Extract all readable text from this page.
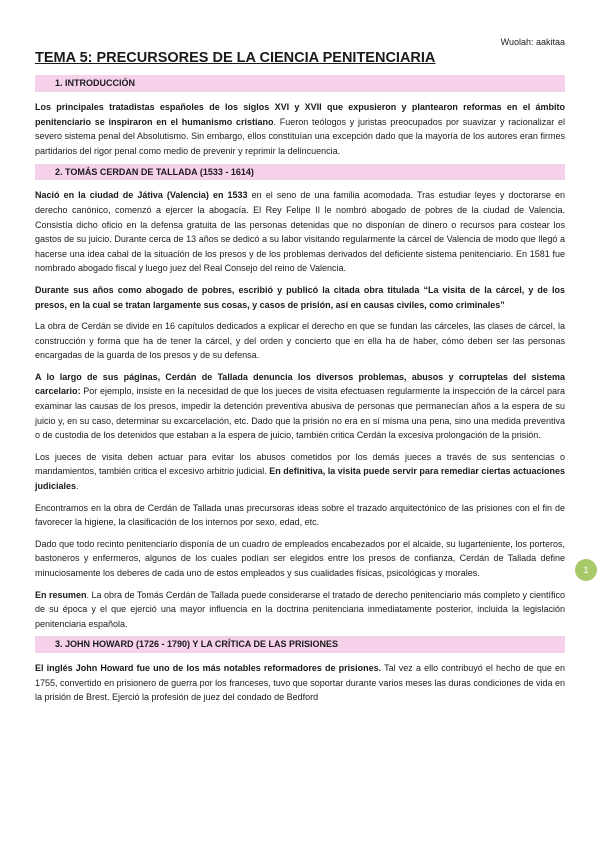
Wuolah: aakitaa
TEMA 5: PRECURSORES DE LA CIENCIA PENITENCIARIA
1. INTRODUCCIÓN

Los principales tratadistas españoles de los siglos XVI y XVII que expusieron y plantearon reformas en el ámbito penitenciario se inspiraron en el humanismo cristiano. Fueron teólogos y juristas preocupados por suavizar y racionalizar el severo sistema penal del Absolutismo. Sin embargo, ellos constituían una excepción dado que la mayoría de los autores eran firmes partidarios del rigor penal como medio de prevenir y reprimir la delincuencia.

2. TOMÁS CERDAN DE TALLADA (1533 - 1614)

Nació en la ciudad de Játiva (Valencia) en 1533 en el seno de una familia acomodada. Tras estudiar leyes y doctorarse en derecho canónico, comenzó a ejercer la abogacía. El Rey Felipe II le nombró abogado de pobres de la ciudad de Valencia. Consistía dicho oficio en la defensa gratuita de las personas detenidas que no disponían de dinero o recursos para costear los gastos de su juicio. Durante cerca de 13 años se dedicó a su labor visitando regularmente la cárcel de Valencia de modo que llegó a hacerse una idea cabal de la situación de los presos y de los problemas derivados del deficiente sistema penitenciario. En 1581 fue nombrado abogado fiscal y luego juez del Real Consejo del reino de Valencia.

Durante sus años como abogado de pobres, escribió y publicó la citada obra titulada “La visita de la cárcel, y de los presos, en la cual se tratan largamente sus cosas, y casos de prisión, así en causas civiles, como criminales”

La obra de Cerdán se divide en 16 capítulos dedicados a explicar el derecho en que se fundan las cárceles, las clases de cárcel, la construcción y forma que ha de tener la cárcel, y del orden y concierto que en ella ha de haber, cómo deben ser las personas encargadas de la guarda de los presos y de su defensa.

A lo largo de sus páginas, Cerdán de Tallada denuncia los diversos problemas, abusos y corruptelas del sistema carcelario: Por ejemplo, insiste en la necesidad de que los jueces de visita efectuasen regularmente la inspección de la cárcel para examinar las causas de los presos, impedir la detención preventiva abusiva de personas que permanecían años a la espera de su juicio y, en su caso, determinar su excarcelación, etc. Dado que la prisión no era en sí misma una pena, sino una medida preventiva o de custodia de los detenidos que estaban a la espera de juicio, también critica Cerdán la excesiva prolongación de la prisión.

Los jueces de visita deben actuar para evitar los abusos cometidos por los demás jueces a través de sus sentencias o mandamientos, también critica el excesivo arbitrio judicial. En definitiva, la visita puede servir para remediar ciertas actuaciones judiciales.

Encontramos en la obra de Cerdán de Tallada unas precursoras ideas sobre el trazado arquitectónico de las prisiones con el fin de favorecer la higiene, la clasificación de los internos por sexo, edad, etc.

Dado que todo recinto penitenciario disponía de un cuadro de empleados encabezados por el alcaide, su lugarteniente, los porteros, bastoneros y enfermeros, algunos de los cuales podían ser elegidos entre los presos de confianza, Cerdán de Tallada define minuciosamente los deberes de cada uno de estos empleados y sus cualidades físicas, psicológicas y morales.

En resumen. La obra de Tomás Cerdán de Tallada puede considerarse el tratado de derecho penitenciario más completo y científico de su época y el que ejerció una mayor influencia en la doctrina penitenciaria inmediatamente posterior, incluida la legislación penitenciaria española.

3. JOHN HOWARD (1726 - 1790) Y LA CRÍTICA DE LAS PRISIONES

El inglés John Howard fue uno de los más notables reformadores de prisiones. Tal vez a ello contribuyó el hecho de que en 1755, convertido en prisionero de guerra por los franceses, tuvo que soportar durante varios meses las duras condiciones de vida en la prisión de Brest. Ejerció la profesión de juez del condado de Bedford

1
